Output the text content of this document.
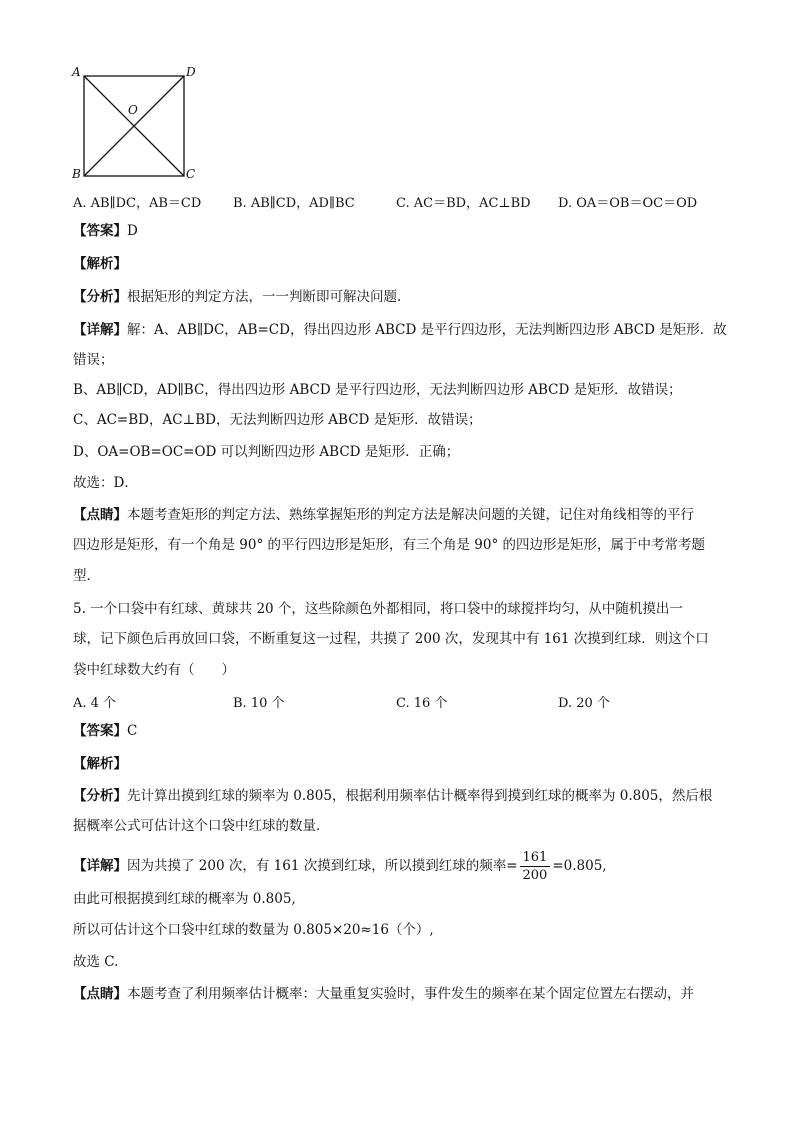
A	D
B	C
O
A. AB∥DC，AB＝CD B. AB∥CD，AD∥BC	C. AC＝BD，AC⊥BD D. OA＝OB＝OC＝OD
【答案】D
【解析】
【分析】根据矩形的判定方法，一一判断即可解决问题．
【详解】解：A、AB∥DC，AB=CD，得出四边形 ABCD 是平行四边形，无法判断四边形 ABCD 是矩形．故
错误；
B、AB∥CD，AD∥BC，得出四边形 ABCD 是平行四边形，无法判断四边形 ABCD 是矩形．故错误；
C、AC=BD，AC⊥BD，无法判断四边形 ABCD 是矩形．故错误；
D、OA=OB=OC=OD 可以判断四边形 ABCD 是矩形．正确；
故选：D．
【点睛】本题考查矩形的判定方法、熟练掌握矩形的判定方法是解决问题的关键，记住对角线相等的平行
四边形是矩形，有一个角是 90° 的平行四边形是矩形，有三个角是 90° 的四边形是矩形，属于中考常考题
型．
5. 一个口袋中有红球、黄球共 20 个，这些除颜色外都相同，将口袋中的球搅拌均匀，从中随机摸出一
球，记下颜色后再放回口袋，不断重复这一过程，共摸了 200 次，发现其中有 161 次摸到红球．则这个口
袋中红球数大约有（　　）
A. 4 个	B. 10 个	C. 16 个	D. 20 个
【答案】C
【解析】
【分析】先计算出摸到红球的频率为 0.805，根据利用频率估计概率得到摸到红球的概率为 0.805，然后根
据概率公式可估计这个口袋中红球的数量．
【详解】因为共摸了 200 次，有 161 次摸到红球，所以摸到红球的频率= $\frac{161}{200} =0.805$,
由此可根据摸到红球的概率为 0.805,
所以可估计这个口袋中红球的数量为 0.805×20≈16（个）,
故选 C.
【点睛】本题考查了利用频率估计概率：大量重复实验时，事件发生的频率在某个固定位置左右摆动，并
